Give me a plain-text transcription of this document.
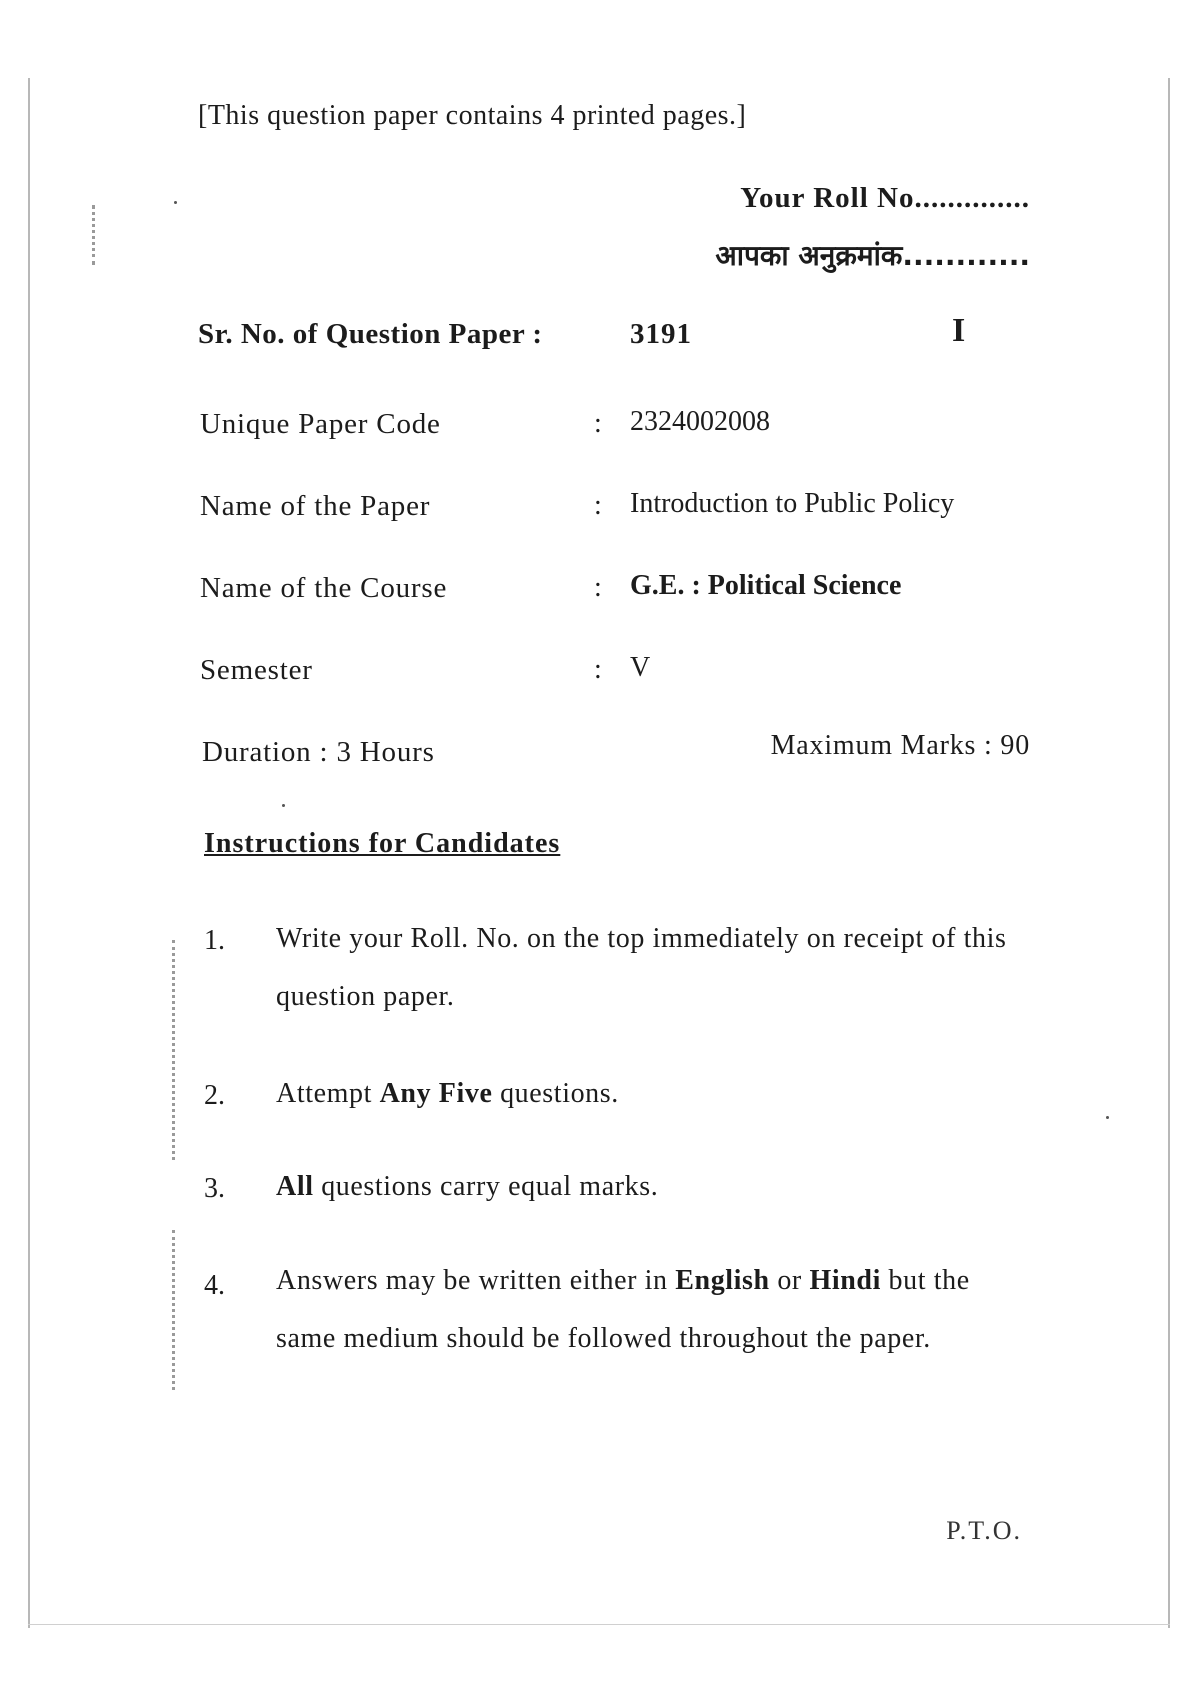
[This question paper contains 4 printed pages.]
Your Roll No..............
आपका अनुक्रमांक............
Sr. No. of Question Paper :	3191	I
Unique Paper Code	: 2324002008
Name of the Paper	: Introduction to Public Policy
Name of the Course	: G.E. : Political Science
Semester	: V
Duration : 3 Hours	Maximum Marks : 90
Instructions for Candidates
1. Write your Roll. No. on the top immediately on receipt of this question paper.
2. Attempt Any Five questions.
3. All questions carry equal marks.
4. Answers may be written either in English or Hindi but the same medium should be followed throughout the paper.
P.T.O.
